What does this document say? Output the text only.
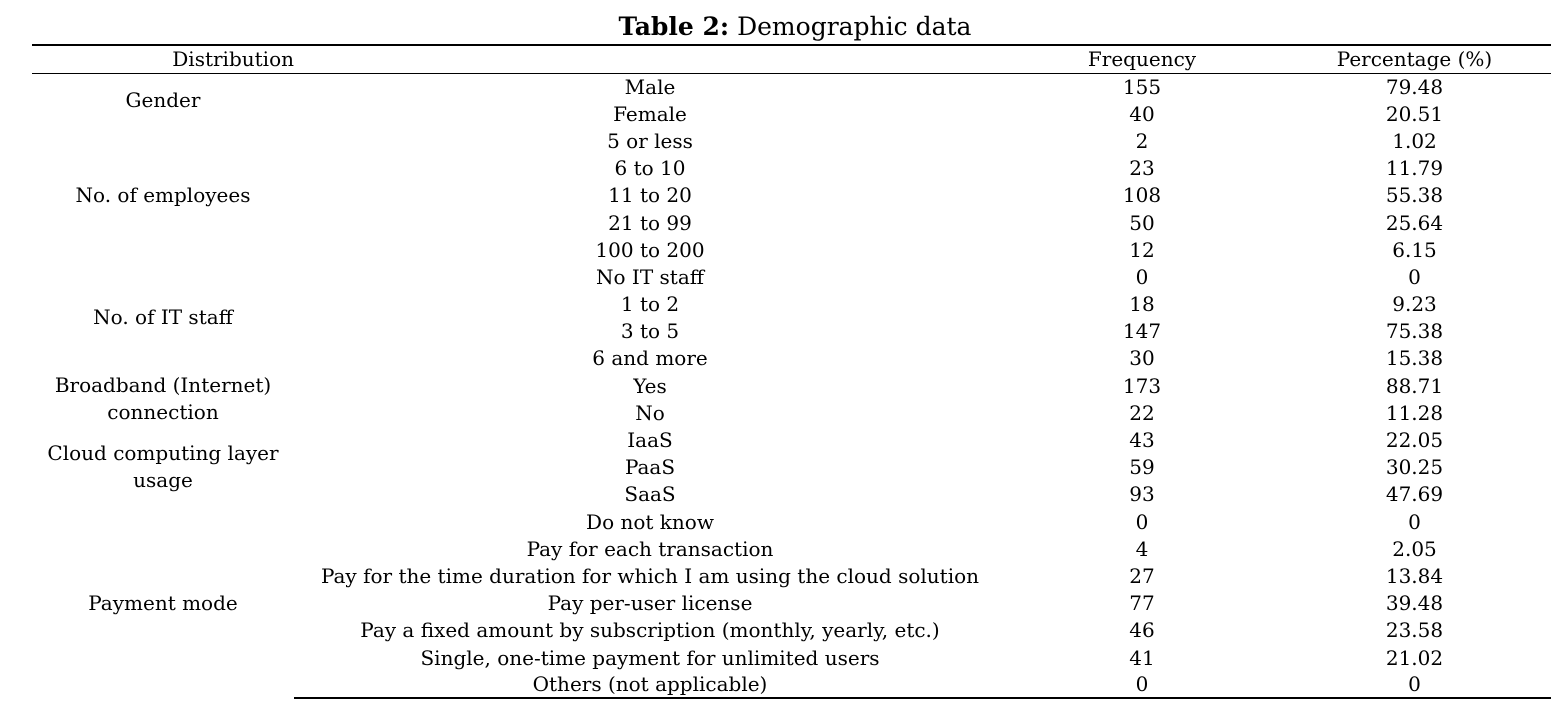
Table 2: Demographic data
Distribution		Frequency	Percentage (%)
Gender	Male	155	79.48
	Female	40	20.51
No. of employees	5 or less	2	1.02
	6 to 10	23	11.79
	11 to 20	108	55.38
	21 to 99	50	25.64
	100 to 200	12	6.15
No. of IT staff	No IT staff	0	0
	1 to 2	18	9.23
	3 to 5	147	75.38
	6 and more	30	15.38
Broadband (Internet) connection	Yes	173	88.71
	No	22	11.28
Cloud computing layer usage	IaaS	43	22.05
	PaaS	59	30.25
	SaaS	93	47.69
Payment mode	Do not know	0	0
	Pay for each transaction	4	2.05
	Pay for the time duration for which I am using the cloud solution	27	13.84
	Pay per-user license	77	39.48
	Pay a fixed amount by subscription (monthly, yearly, etc.)	46	23.58
	Single, one-time payment for unlimited users	41	21.02
	Others (not applicable)	0	0
